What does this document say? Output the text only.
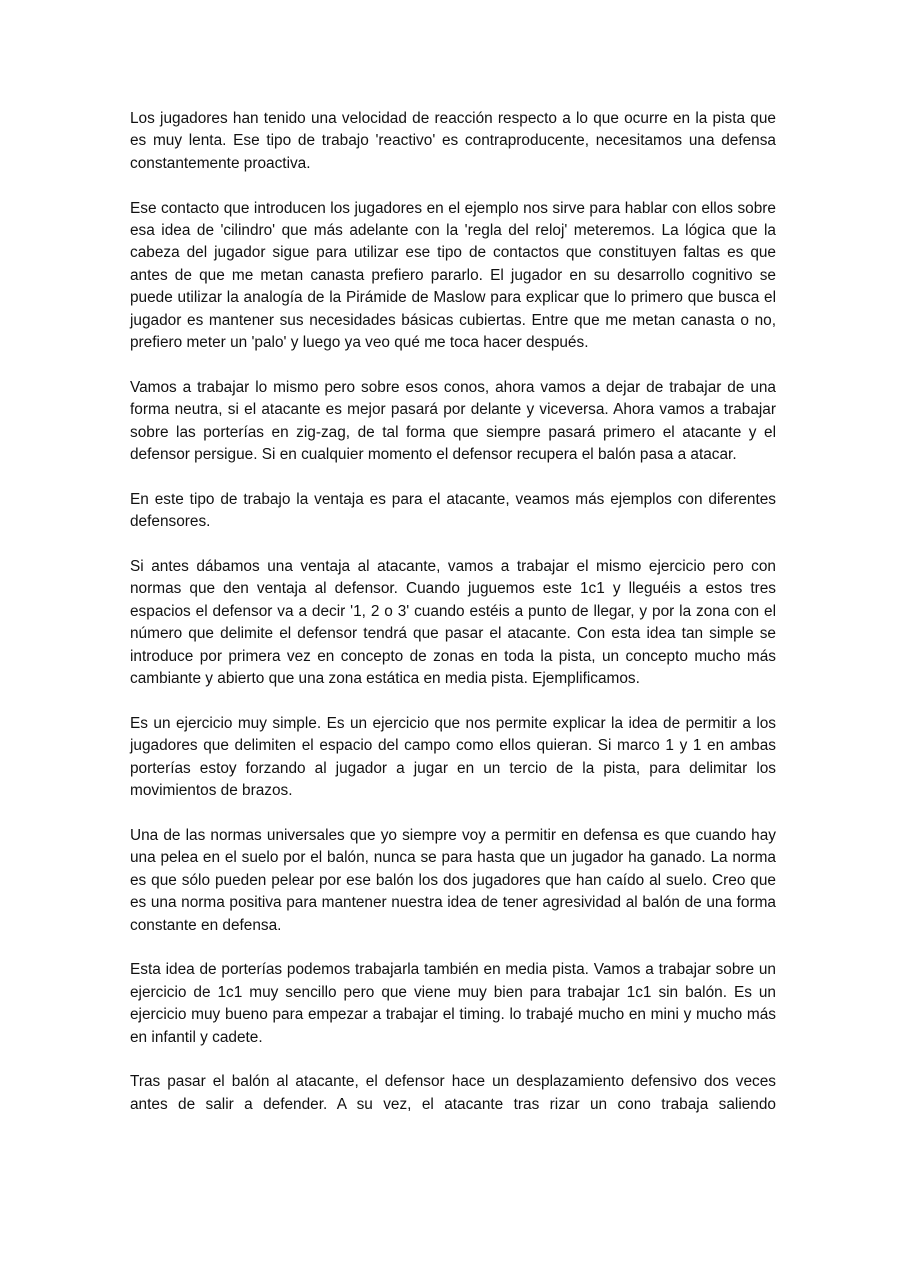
Los jugadores han tenido una velocidad de reacción respecto a lo que ocurre en la pista que es muy lenta. Ese tipo de trabajo 'reactivo' es contraproducente, necesitamos una defensa constantemente proactiva.

Ese contacto que introducen los jugadores en el ejemplo nos sirve para hablar con ellos sobre esa idea de 'cilindro' que más adelante con la 'regla del reloj' meteremos. La lógica que la cabeza del jugador sigue para utilizar ese tipo de contactos que constituyen faltas es que antes de que me metan canasta prefiero pararlo. El jugador en su desarrollo cognitivo se puede utilizar la analogía de la Pirámide de Maslow para explicar que lo primero que busca el jugador es mantener sus necesidades básicas cubiertas. Entre que me metan canasta o no, prefiero meter un 'palo' y luego ya veo qué me toca hacer después.

Vamos a trabajar lo mismo pero sobre esos conos, ahora vamos a dejar de trabajar de una forma neutra, si el atacante es mejor pasará por delante y viceversa. Ahora vamos a trabajar sobre las porterías en zig-zag, de tal forma que siempre pasará primero el atacante y el defensor persigue. Si en cualquier momento el defensor recupera el balón pasa a atacar.

En este tipo de trabajo la ventaja es para el atacante, veamos más ejemplos con diferentes defensores.

Si antes dábamos una ventaja al atacante, vamos a trabajar el mismo ejercicio pero con normas que den ventaja al defensor. Cuando juguemos este 1c1 y lleguéis a estos tres espacios el defensor va a decir '1, 2 o 3' cuando estéis a punto de llegar, y por la zona con el número que delimite el defensor tendrá que pasar el atacante. Con esta idea tan simple se introduce por primera vez en concepto de zonas en toda la pista, un concepto mucho más cambiante y abierto que una zona estática en media pista. Ejemplificamos.

Es un ejercicio muy simple. Es un ejercicio que nos permite explicar la idea de permitir a los jugadores que delimiten el espacio del campo como ellos quieran. Si marco 1 y 1 en ambas porterías estoy forzando al jugador a jugar en un tercio de la pista, para delimitar los movimientos de brazos.

Una de las normas universales que yo siempre voy a permitir en defensa es que cuando hay una pelea en el suelo por el balón, nunca se para hasta que un jugador ha ganado. La norma es que sólo pueden pelear por ese balón los dos jugadores que han caído al suelo. Creo que es una norma positiva para mantener nuestra idea de tener agresividad al balón de una forma constante en defensa.

Esta idea de porterías podemos trabajarla también en media pista. Vamos a trabajar sobre un ejercicio de 1c1 muy sencillo pero que viene muy bien para trabajar 1c1 sin balón. Es un ejercicio muy bueno para empezar a trabajar el timing. lo trabajé mucho en mini y mucho más en infantil y cadete.

Tras pasar el balón al atacante, el defensor hace un desplazamiento defensivo dos veces antes de salir a defender. A su vez, el atacante tras rizar un cono trabaja saliendo
